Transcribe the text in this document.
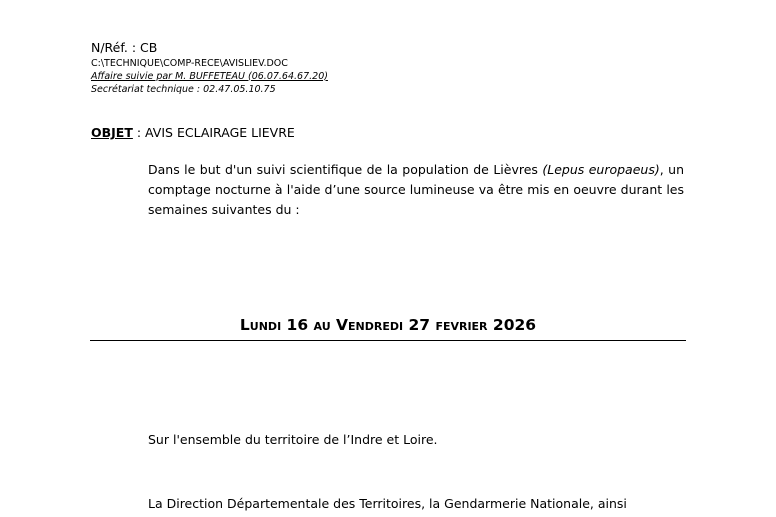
N/Réf. : CB
C:\TECHNIQUE\COMP-RECE\AVISLIEV.DOC
Affaire suivie par M. BUFFETEAU (06.07.64.67.20)
Secrétariat technique : 02.47.05.10.75
OBJET : AVIS ECLAIRAGE LIEVRE

Dans le but d'un suivi scientifique de la population de Lièvres (Lepus europaeus), un comptage nocturne à l'aide d’une source lumineuse va être mis en oeuvre durant les semaines suivantes du :

Lundi 16 au Vendredi 27 fevrier 2026

Sur l'ensemble du territoire de l’Indre et Loire.

La Direction Départementale des Territoires, la Gendarmerie Nationale, ainsi
